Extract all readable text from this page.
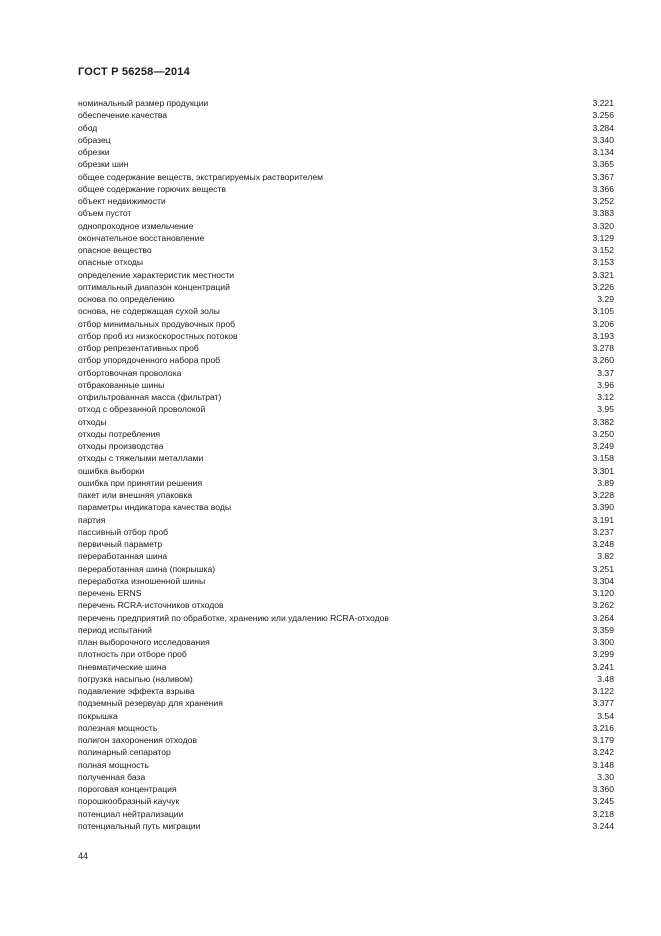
ГОСТ Р 56258—2014
номинальный размер продукции	3.221
обеспечение качества	3.256
обод	3.284
образец	3.340
обрезки	3.134
обрезки шин	3.365
общее содержание веществ, экстрагируемых растворителем	3.367
общее содержание горючих веществ	3.366
объект недвижимости	3.252
объем пустот	3.383
однопроходное измельчение	3.320
окончательное восстановление	3.129
опасное вещество	3.152
опасные отходы	3.153
определение характеристик местности	3.321
оптимальный диапазон концентраций	3.226
основа по определению	3.29
основа, не содержащая сухой золы	3.105
отбор минимальных продувочных проб	3.206
отбор проб из низкоскоростных потоков	3.193
отбор репрезентативных проб	3.278
отбор упорядоченного набора проб	3.260
отбортовочная проволока	3.37
отбракованные шины	3.96
отфильтрованная масса (фильтрат)	3.12
отход с обрезанной проволокой	3.95
отходы	3.382
отходы потребления	3.250
отходы производства	3.249
отходы с тяжелыми металлами	3.158
ошибка выборки	3.301
ошибка при принятии решения	3.89
пакет или внешняя упаковка	3.228
параметры индикатора качества воды	3.390
партия	3.191
пассивный отбор проб	3.237
первичный параметр	3.248
переработанная шина	3.82
переработанная шина (покрышка)	3.251
переработка изношенной шины	3.304
перечень ERNS	3.120
перечень RCRA-источников отходов	3.262
перечень предприятий по обработке, хранению или удалению RCRA-отходов	3.264
период испытаний	3.359
план выборочного исследования	3.300
плотность при отборе проб	3.299
пневматические шина	3.241
погрузка насыпью (наливом)	3.48
подавление эффекта взрыва	3.122
подземный резервуар для хранения	3.377
покрышка	3.54
полезная мощность	3.216
полигон захоронения отходов	3.179
полинарный сепаратор	3.242
полная мощность	3.148
полученная база	3.30
пороговая концентрация	3.360
порошкообразный каучук	3.245
потенциал нейтрализации	3.218
потенциальный путь миграции	3.244
44
